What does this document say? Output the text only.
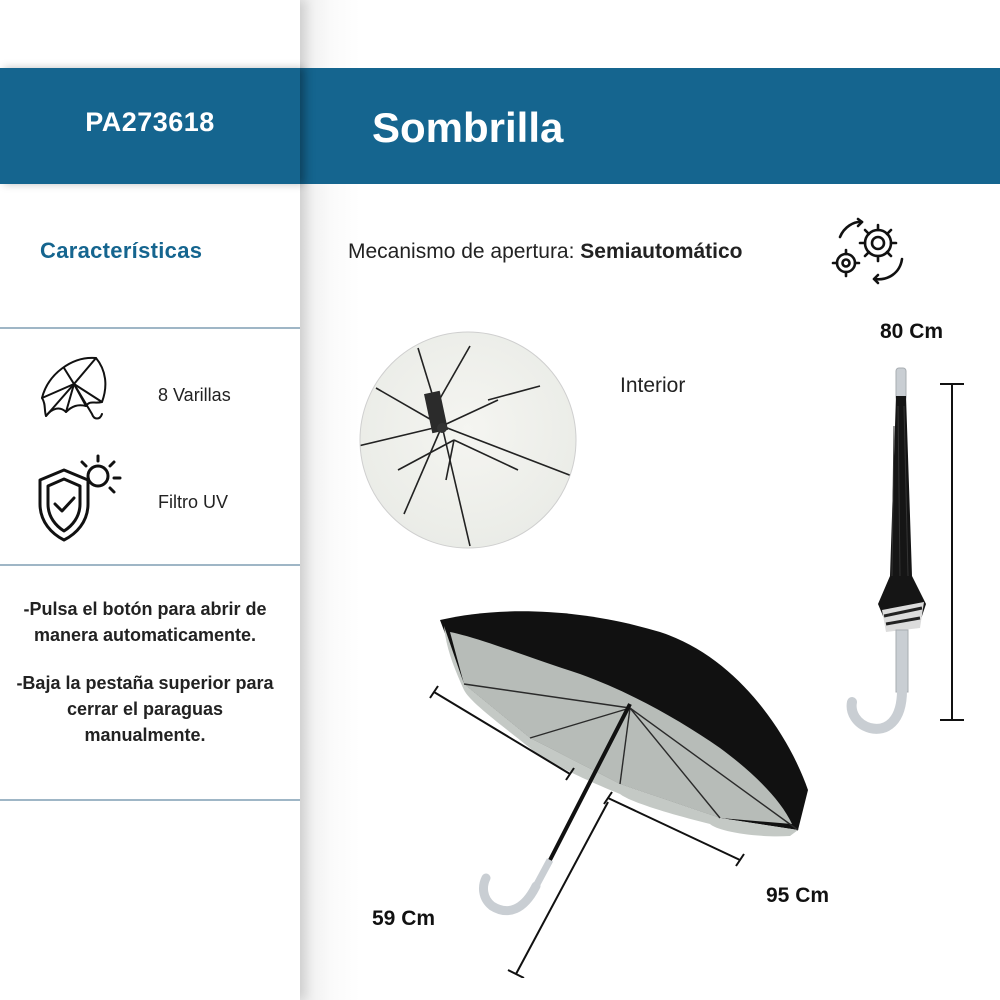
PA273618	Sombrilla
Características
8 Varillas
Filtro UV

-Pulsa el botón para abrir de manera automaticamente.

-Baja la pestaña superior para cerrar el paraguas manualmente.

Mecanismo de apertura: Semiautomático
Interior
80 Cm
95 Cm
59 Cm
